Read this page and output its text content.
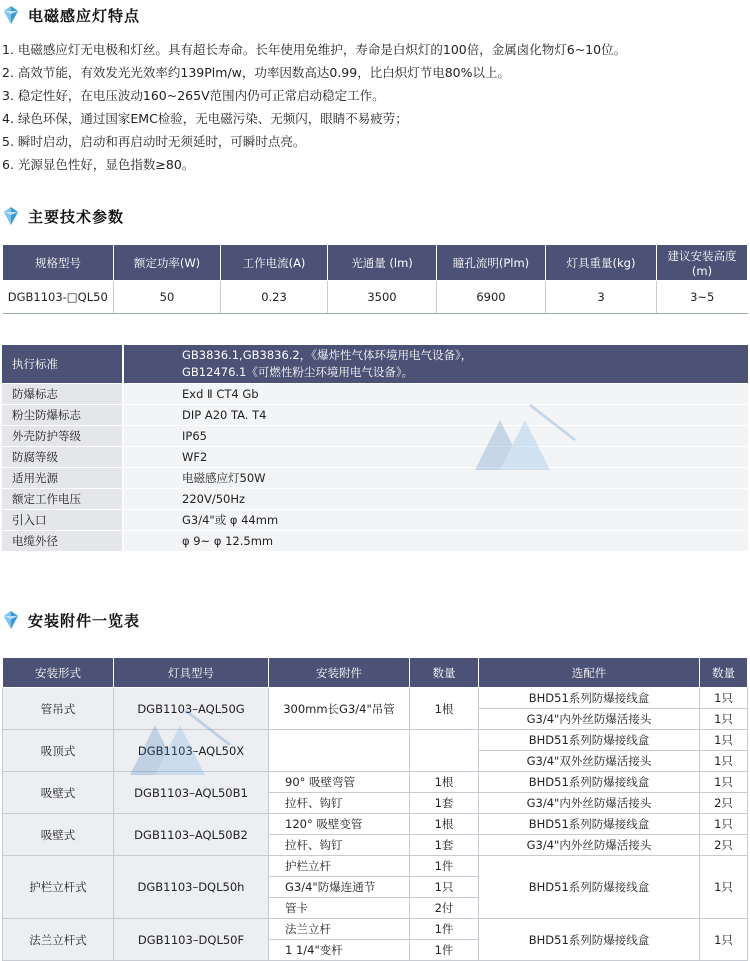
电磁感应灯特点
1. 电磁感应灯无电极和灯丝。具有超长寿命。长年使用免维护，寿命是白炽灯的100倍，金属卤化物灯6~10位。
2. 高效节能，有效发光光效率约139Plm/w，功率因数高达0.99，比白炽灯节电80%以上。
3. 稳定性好，在电压波动160~265V范围内仍可正常启动稳定工作。
4. 绿色环保，通过国家EMC检验，无电磁污染、无频闪，眼睛不易疲劳；
5. 瞬时启动，启动和再启动时无须延时，可瞬时点亮。
6. 光源显色性好，显色指数≥80。
主要技术参数
规格型号	额定功率(W)	工作电流(A)	光通量 (lm)	瞳孔流明(Plm)	灯具重量(kg)	建议安装高度(m)
DGB1103-□QL50	50	0.23	3500	6900	3	3~5
执行标准	GB3836.1,GB3836.2，《爆炸性气体环境用电气设备》，
GB12476.1《可燃性粉尘环境用电气设备》。

防爆标志	Exd Ⅱ CT4 Gb
粉尘防爆标志	DIP A20 TA. T4
外壳防护等级	IP65
防腐等级	WF2
适用光源	电磁感应灯50W
额定工作电压	220V/50Hz
引入口	G3/4"或 φ 44mm
电缆外径	φ 9~ φ 12.5mm
安装附件一览表
安装形式	灯具型号	安装附件	数量	选配件	数量
管吊式	DGB1103–AQL50G	300mm长G3/4"吊管	1根	BHD51系列防爆接线盒	1只
				G3/4"内外丝防爆活接头	1只
吸顶式	DGB1103–AQL50X			BHD51系列防爆接线盒	1只
				G3/4"双外丝防爆活接头	1只
吸壁式	DGB1103–AQL50B1	90° 吸壁弯管	1根	BHD51系列防爆接线盒	1只
		拉杆、钩钉	1套	G3/4"内外丝防爆活接头	2只
吸壁式	DGB1103–AQL50B2	120° 吸壁变管	1根	BHD51系列防爆接线盒	1只
		拉杆、钩钉	1套	G3/4"内外丝防爆活接头	2只
护栏立杆式	DGB1103–DQL50h	护栏立杆	1件	BHD51系列防爆接线盒	1只
		G3/4"防爆连通节	1只		
		管卡	2付		
法兰立杆式	DGB1103–DQL50F	法兰立杆	1件	BHD51系列防爆接线盒	1只
		1 1/4"变杆	1件		
